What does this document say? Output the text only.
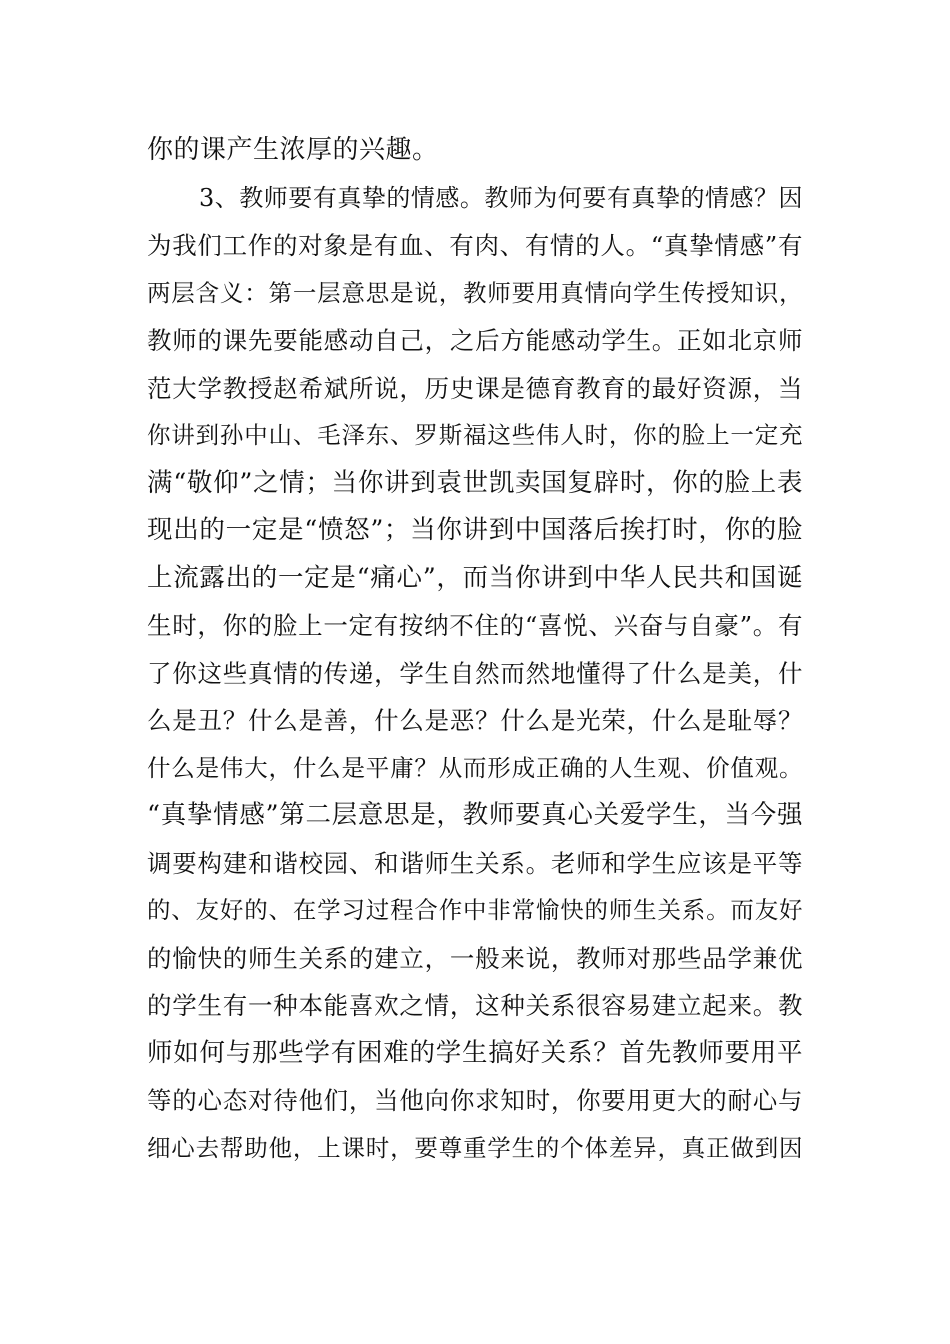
你的课产生浓厚的兴趣。
3、教师要有真挚的情感。教师为何要有真挚的情感？因
为我们工作的对象是有血、有肉、有情的人。“真挚情感”有
两层含义：第一层意思是说，教师要用真情向学生传授知识，
教师的课先要能感动自己，之后方能感动学生。正如北京师
范大学教授赵希斌所说，历史课是德育教育的最好资源，当
你讲到孙中山、毛泽东、罗斯福这些伟人时，你的脸上一定充
满“敬仰”之情；当你讲到袁世凯卖国复辟时，你的脸上表
现出的一定是“愤怒”；当你讲到中国落后挨打时，你的脸
上流露出的一定是“痛心”，而当你讲到中华人民共和国诞
生时，你的脸上一定有按纳不住的“喜悦、兴奋与自豪”。有
了你这些真情的传递，学生自然而然地懂得了什么是美，什
么是丑？什么是善，什么是恶？什么是光荣，什么是耻辱？
什么是伟大，什么是平庸？从而形成正确的人生观、价值观。
“真挚情感”第二层意思是，教师要真心关爱学生，当今强
调要构建和谐校园、和谐师生关系。老师和学生应该是平等
的、友好的、在学习过程合作中非常愉快的师生关系。而友好
的愉快的师生关系的建立，一般来说，教师对那些品学兼优
的学生有一种本能喜欢之情，这种关系很容易建立起来。教
师如何与那些学有困难的学生搞好关系？首先教师要用平
等的心态对待他们，当他向你求知时，你要用更大的耐心与
细心去帮助他，上课时，要尊重学生的个体差异，真正做到因
